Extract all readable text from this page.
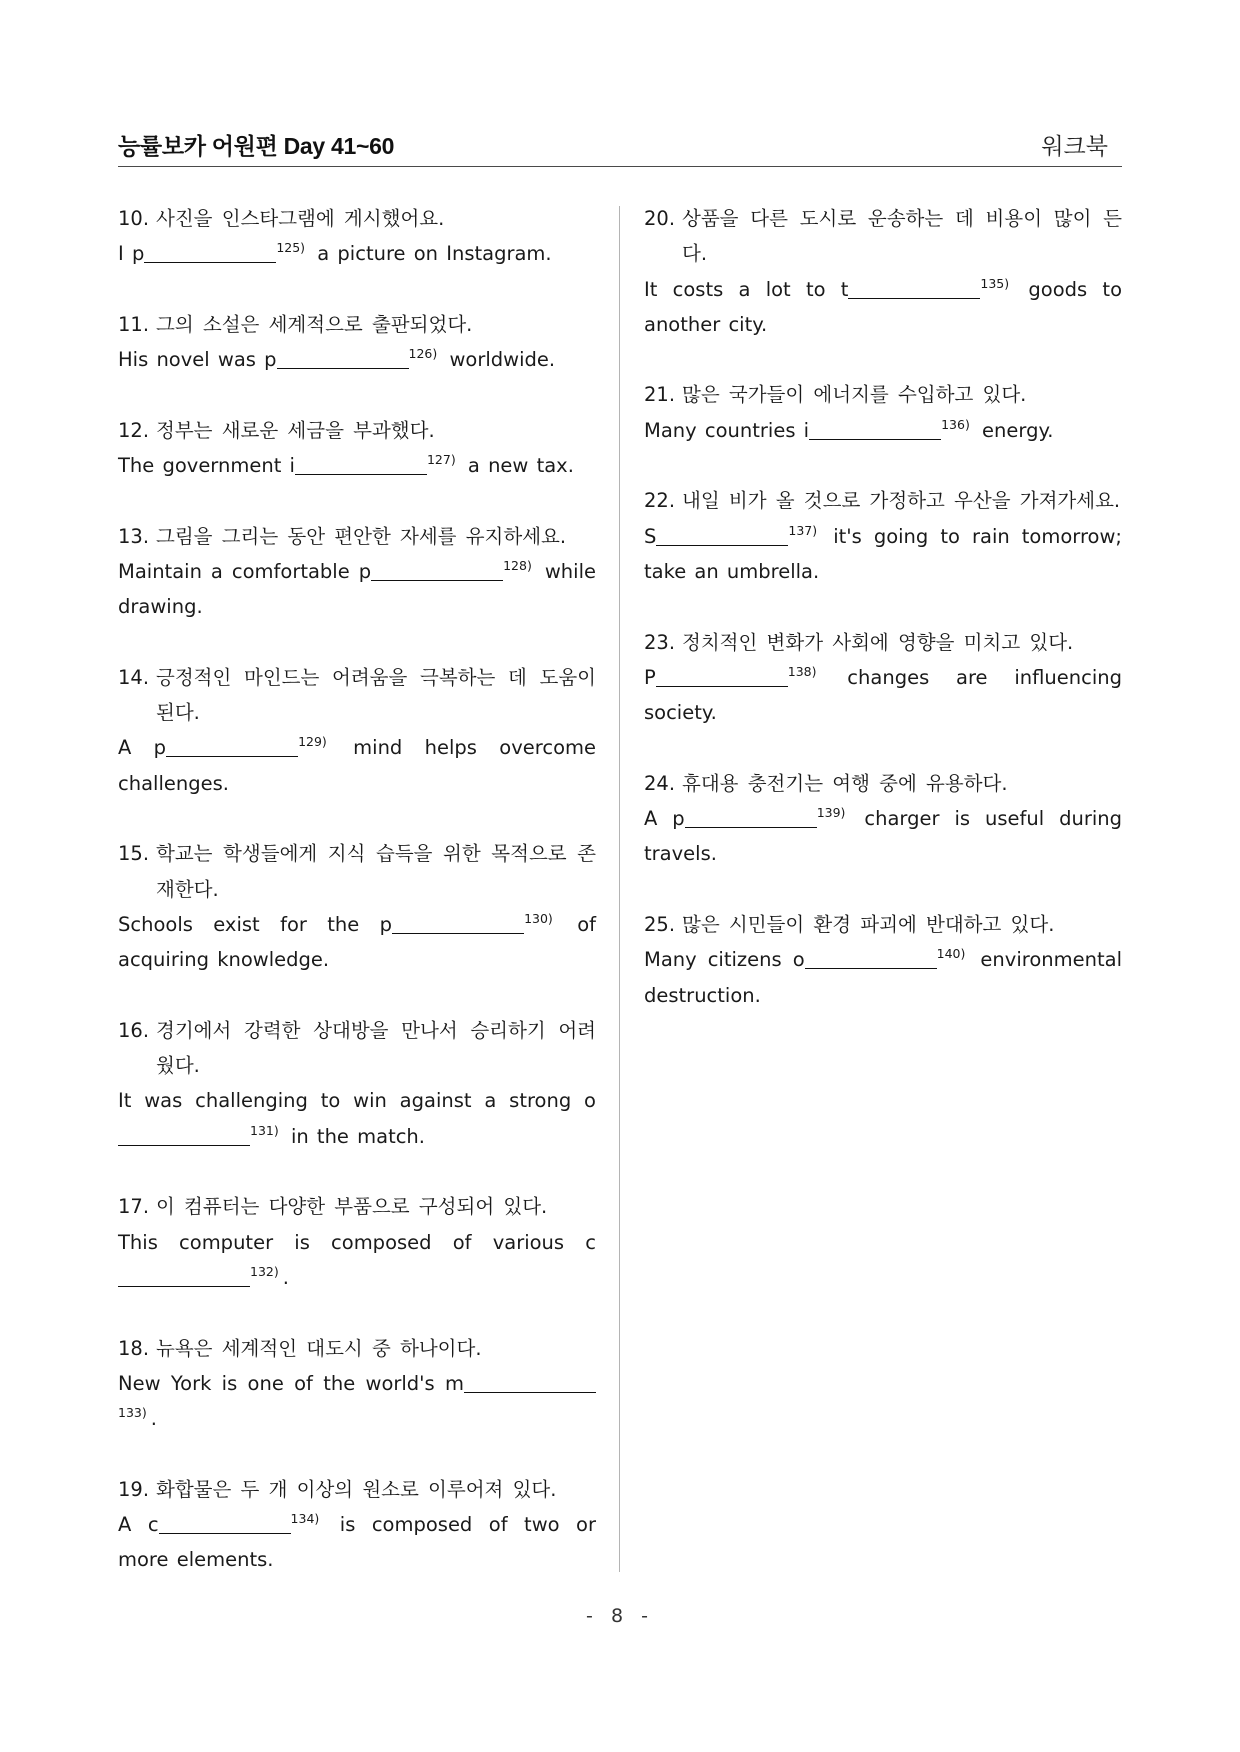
능률보카 어원편 Day 41~60	워크북
10. 사진을 인스타그램에 게시했어요.
I p	$^{125)}$ a picture on Instagram.
11. 그의 소설은 세계적으로 출판되었다.
His novel was p	$^{126)}$ worldwide.
12. 정부는 새로운 세금을 부과했다.
The government i	$^{127)}$ a new tax.
13. 그림을 그리는 동안 편안한 자세를 유지하세요.
Maintain a comfortable p	$^{128)}$ while drawing.
14. 긍정적인 마인드는 어려움을 극복하는 데 도움이 된다.
A p	$^{129)}$ mind helps overcome challenges.
15. 학교는 학생들에게 지식 습득을 위한 목적으로 존재한다.
Schools exist for the p	$^{130)}$ of acquiring knowledge.
16. 경기에서 강력한 상대방을 만나서 승리하기 어려웠다.
It was challenging to win against a strong $o^{131)}$ in the match.
17. 이 컴퓨터는 다양한 부품으로 구성되어 있다.
This computer is composed of various $c^{132)}$ .
18. 뉴욕은 세계적인 대도시 중 하나이다.
New York is one of the world's $m^{133)}$ .
19. 화합물은 두 개 이상의 원소로 이루어져 있다.
A c	$^{134)}$ is composed of two or more elements.
20. 상품을 다른 도시로 운송하는 데 비용이 많이 든다.
It costs a lot to t	$^{135)}$ goods to another city.
21. 많은 국가들이 에너지를 수입하고 있다.
Many countries i	$^{136)}$ energy.
22. 내일 비가 올 것으로 가정하고 우산을 가져가세요.
S	$^{137)}$ it's going to rain tomorrow; take an umbrella.
23. 정치적인 변화가 사회에 영향을 미치고 있다.
P	$^{138)}$ changes are influencing society.
24. 휴대용 충전기는 여행 중에 유용하다.
A p	$^{139)}$ charger is useful during travels.
25. 많은 시민들이 환경 파괴에 반대하고 있다.
Many citizens o	$^{140)}$ environmental destruction.
- 8 -
